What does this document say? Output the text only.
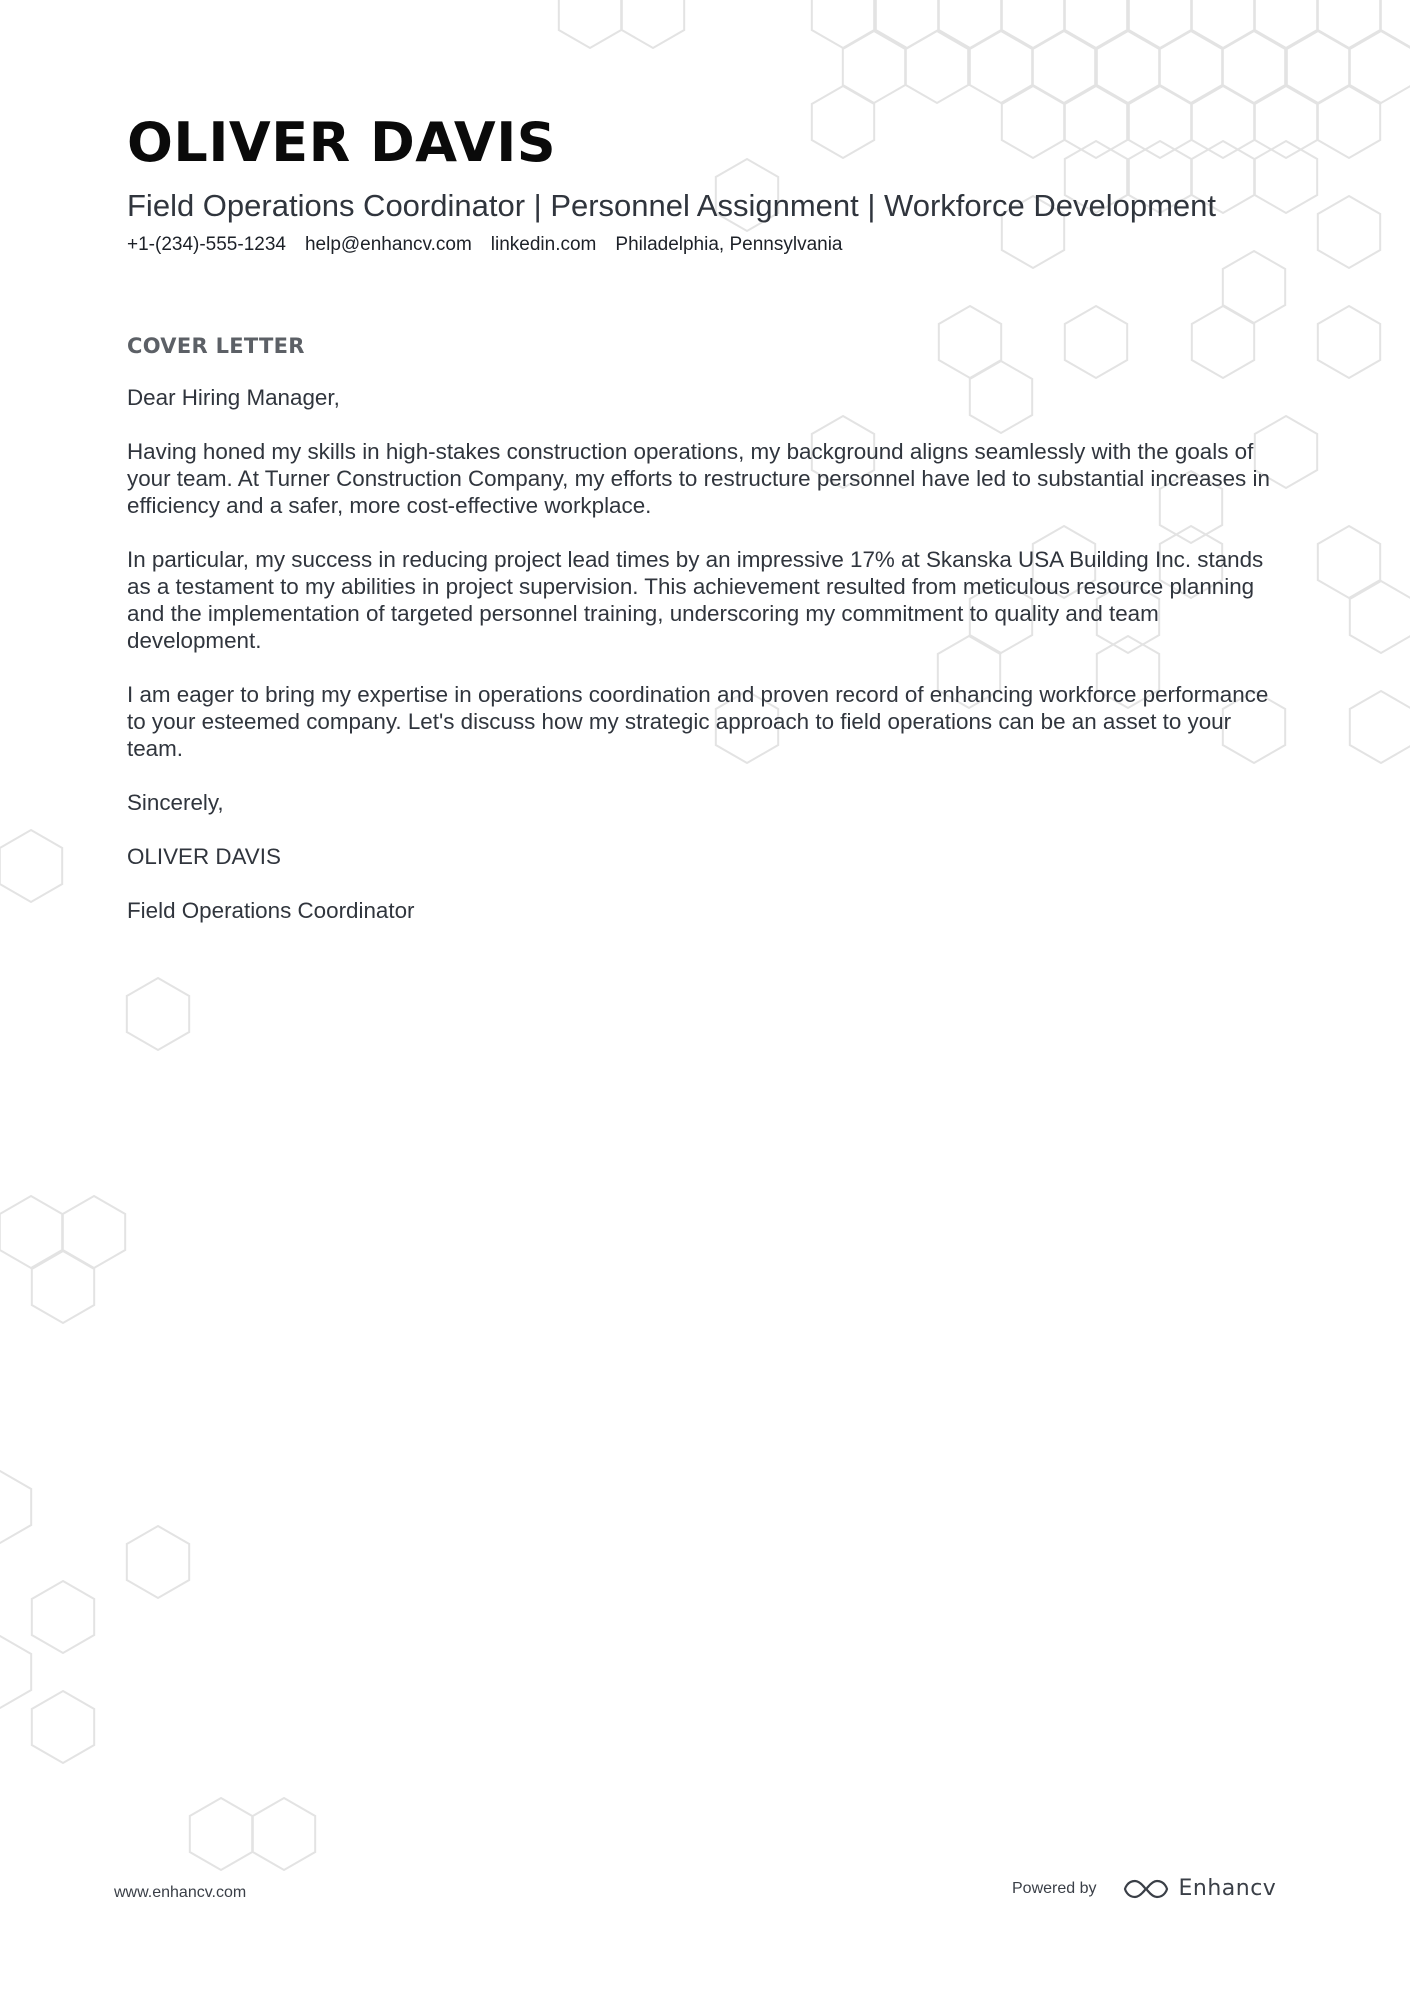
OLIVER DAVIS
Field Operations Coordinator | Personnel Assignment | Workforce Development
+1-(234)-555-1234 help@enhancv.com linkedin.com Philadelphia, Pennsylvania
COVER LETTER

Dear Hiring Manager,

Having honed my skills in high-stakes construction operations, my background aligns seamlessly with the goals of your team. At Turner Construction Company, my efforts to restructure personnel have led to substantial increases in efficiency and a safer, more cost-effective workplace.

In particular, my success in reducing project lead times by an impressive 17% at Skanska USA Building Inc. stands as a testament to my abilities in project supervision. This achievement resulted from meticulous resource planning and the implementation of targeted personnel training, underscoring my commitment to quality and team development.

I am eager to bring my expertise in operations coordination and proven record of enhancing workforce performance to your esteemed company. Let's discuss how my strategic approach to field operations can be an asset to your team.

Sincerely,

OLIVER DAVIS

Field Operations Coordinator

www.enhancv.com	Powered by	Enhancv
